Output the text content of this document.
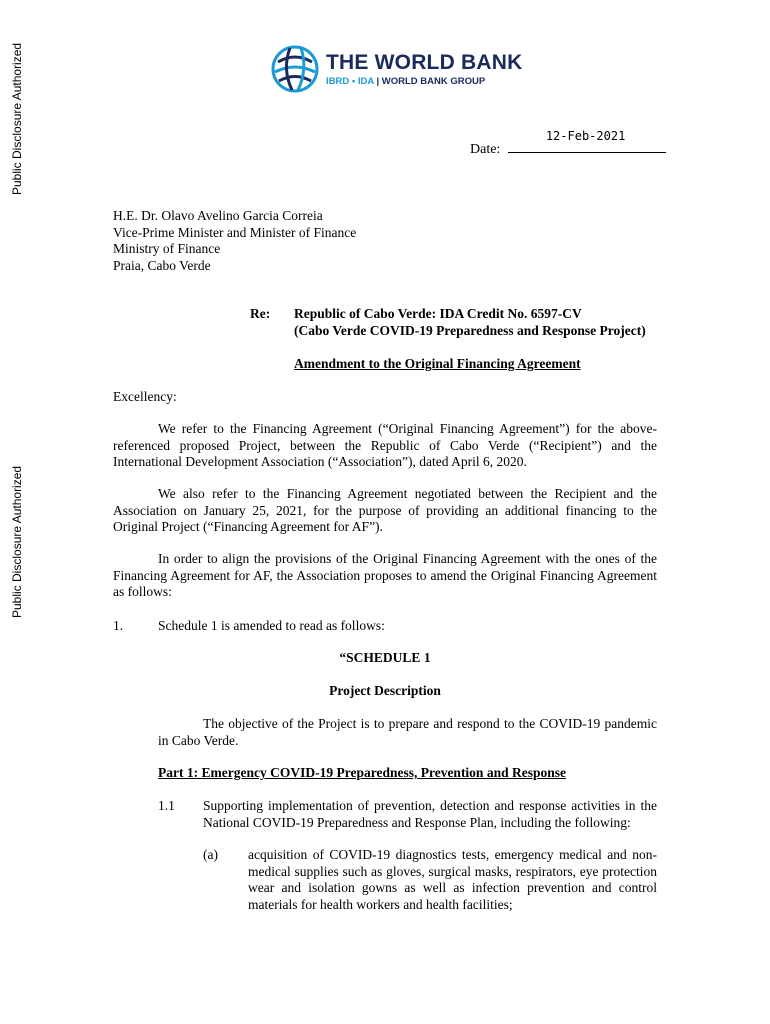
Public Disclosure Authorized
Public Disclosure Authorized
THE WORLD BANK
IBRD • IDA | WORLD BANK GROUP
Date:
12-Feb-2021
H.E. Dr. Olavo Avelino Garcia Correia
Vice-Prime Minister and Minister of Finance
Ministry of Finance
Praia, Cabo Verde
Re: Republic of Cabo Verde: IDA Credit No. 6597-CV
(Cabo Verde COVID-19 Preparedness and Response Project)
Amendment to the Original Financing Agreement
Excellency:
We refer to the Financing Agreement (“Original Financing Agreement”) for the above-referenced proposed Project, between the Republic of Cabo Verde (“Recipient”) and the International Development Association (“Association”), dated April 6, 2020.
We also refer to the Financing Agreement negotiated between the Recipient and the Association on January 25, 2021, for the purpose of providing an additional financing to the Original Project (“Financing Agreement for AF”).
In order to align the provisions of the Original Financing Agreement with the ones of the Financing Agreement for AF, the Association proposes to amend the Original Financing Agreement as follows:
1.	Schedule 1 is amended to read as follows:
“SCHEDULE 1
Project Description
The objective of the Project is to prepare and respond to the COVID-19 pandemic in Cabo Verde.
Part 1: Emergency COVID-19 Preparedness, Prevention and Response
1.1 Supporting implementation of prevention, detection and response activities in the National COVID-19 Preparedness and Response Plan, including the following:
(a) acquisition of COVID-19 diagnostics tests, emergency medical and non-medical supplies such as gloves, surgical masks, respirators, eye protection wear and isolation gowns as well as infection prevention and control materials for health workers and health facilities;
